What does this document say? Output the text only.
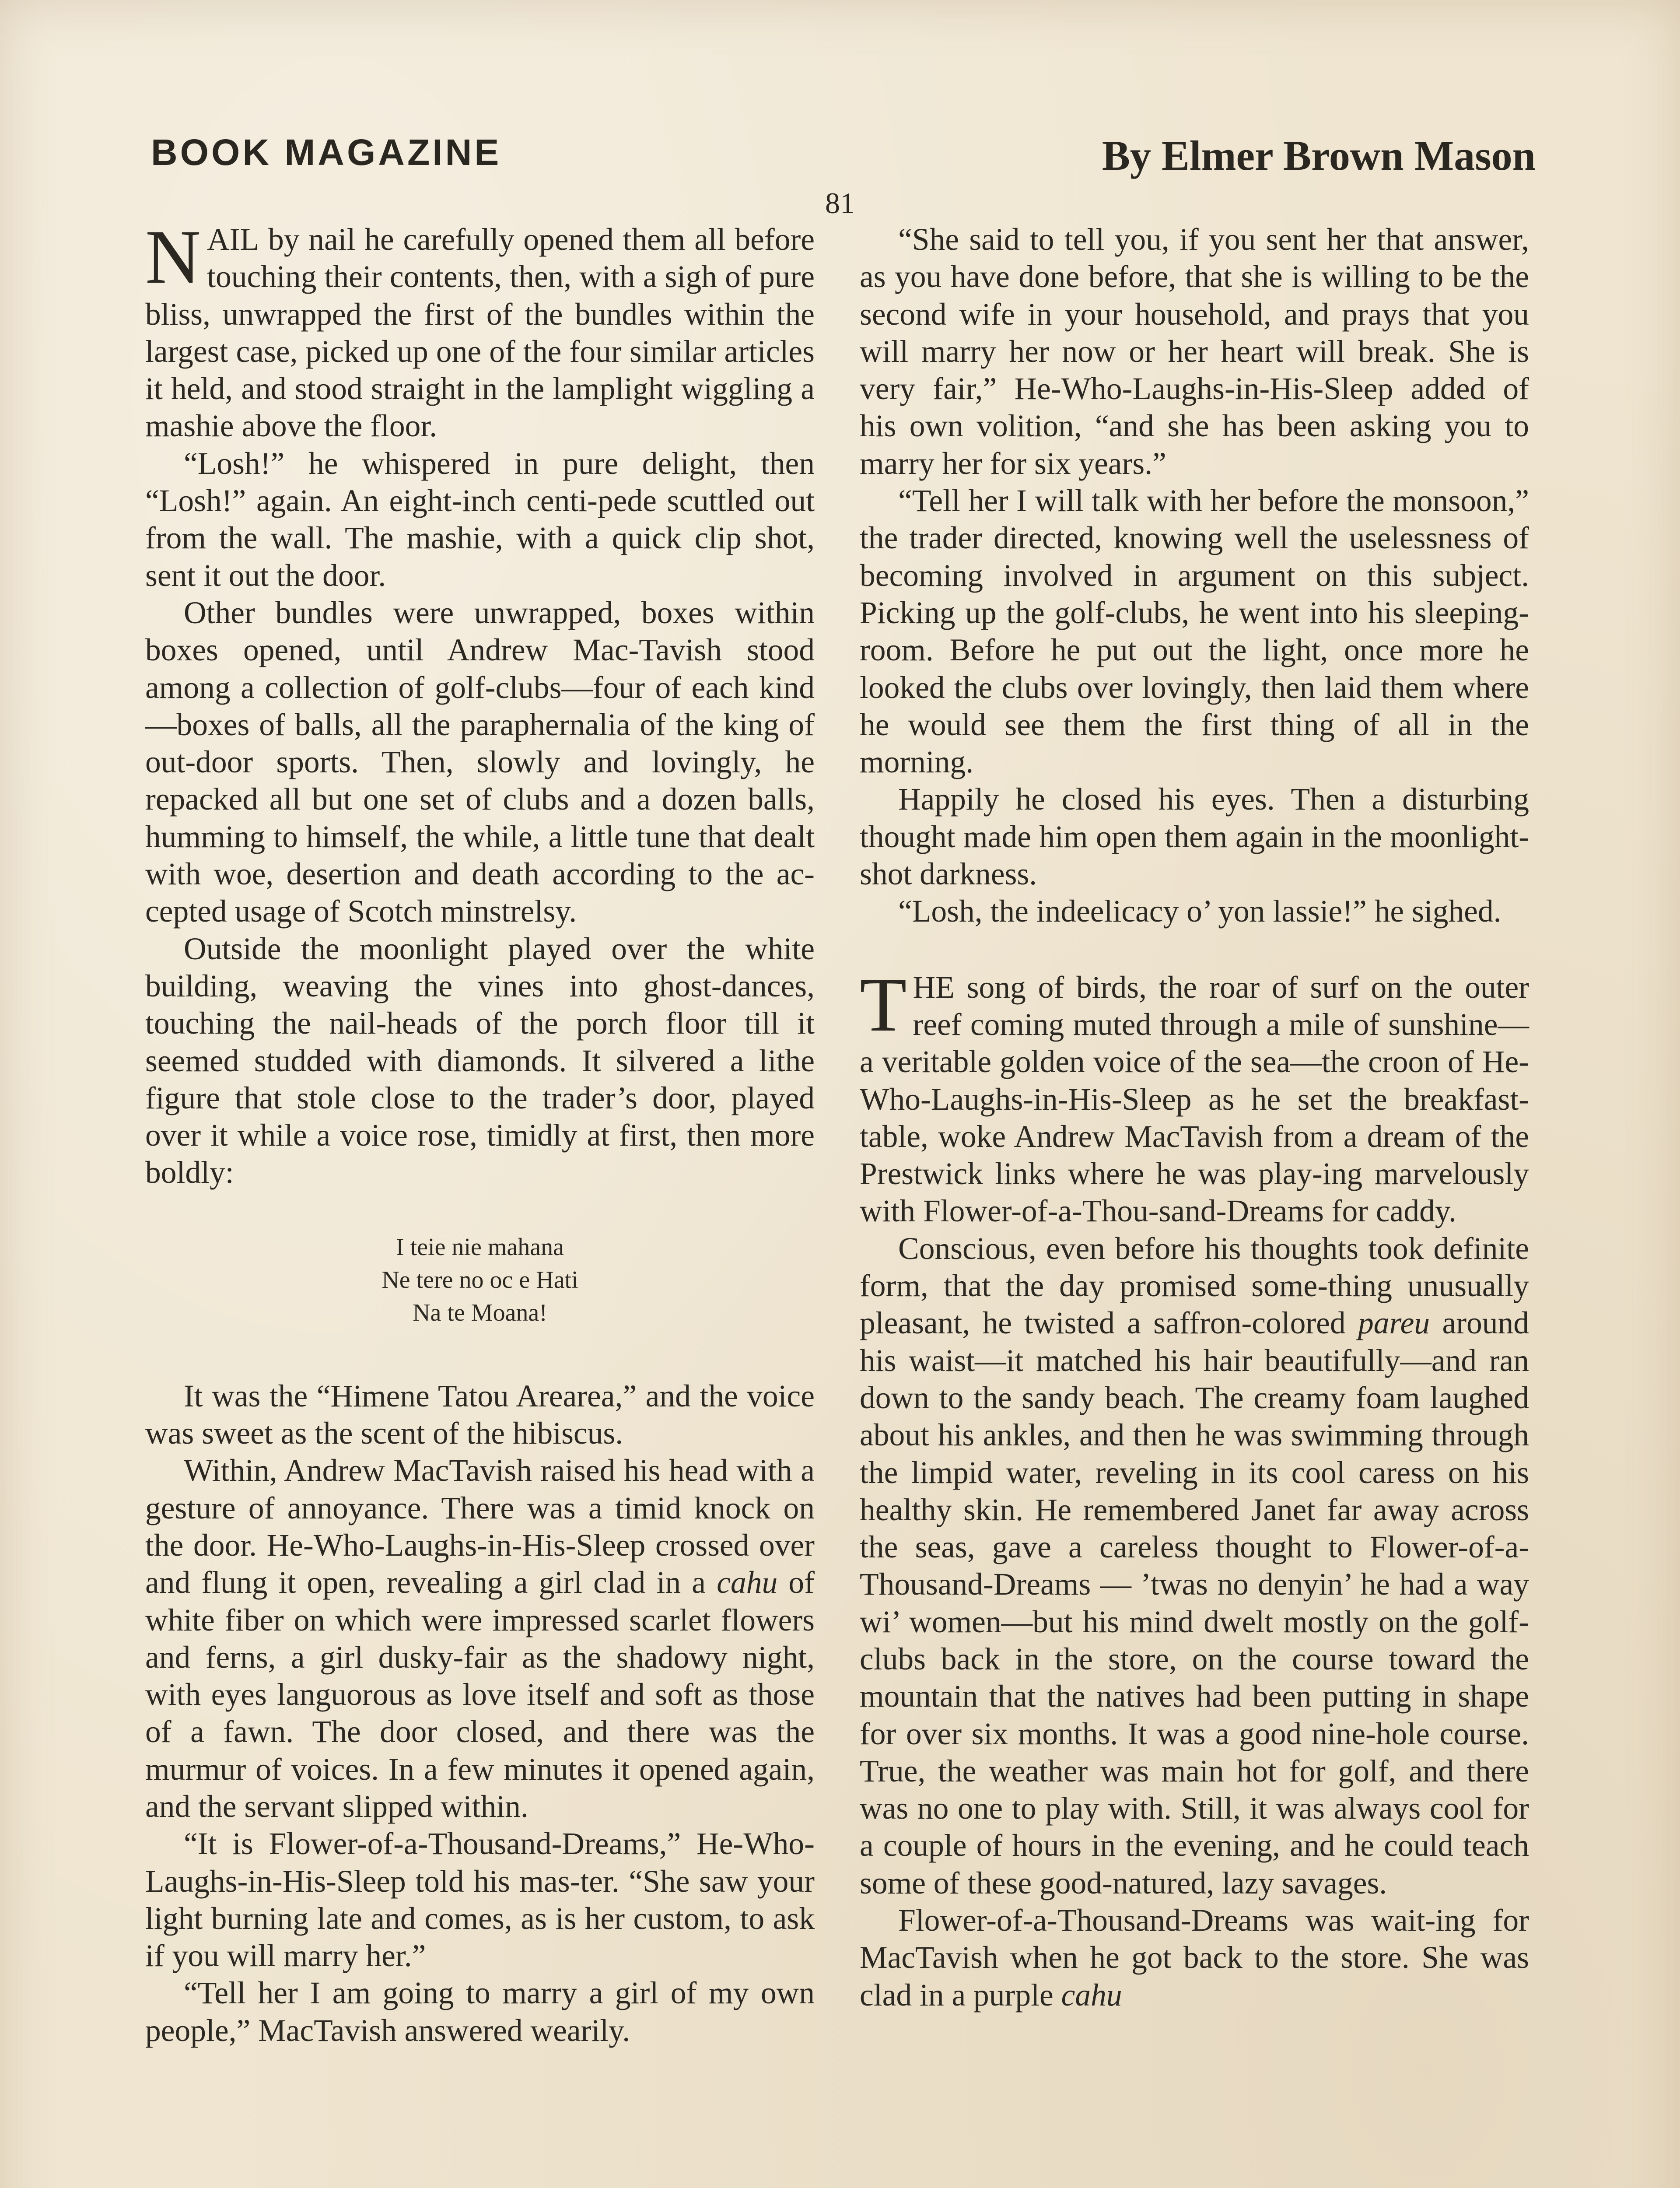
BOOK MAGAZINE	By Elmer Brown Mason
81

NAIL by nail he carefully opened them all before touching their contents, then, with a sigh of pure bliss, unwrapped the first of the bundles within the largest case, picked up one of the four similar articles it held, and stood straight in the lamplight wiggling a mashie above the floor.

“Losh!” he whispered in pure delight, then “Losh!” again. An eight-inch centi-pede scuttled out from the wall. The mashie, with a quick clip shot, sent it out the door.

Other bundles were unwrapped, boxes within boxes opened, until Andrew Mac-Tavish stood among a collection of golf-clubs—four of each kind—boxes of balls, all the paraphernalia of the king of out-door sports. Then, slowly and lovingly, he repacked all but one set of clubs and a dozen balls, humming to himself, the while, a little tune that dealt with woe, desertion and death according to the ac-cepted usage of Scotch minstrelsy.

Outside the moonlight played over the white building, weaving the vines into ghost-dances, touching the nail-heads of the porch floor till it seemed studded with diamonds. It silvered a lithe figure that stole close to the trader’s door, played over it while a voice rose, timidly at first, then more boldly:

I teie nie mahana
Ne tere no oc e Hati
Na te Moana!

It was the “Himene Tatou Arearea,” and the voice was sweet as the scent of the hibiscus.

Within, Andrew MacTavish raised his head with a gesture of annoyance. There was a timid knock on the door. He-Who-Laughs-in-His-Sleep crossed over and flung it open, revealing a girl clad in a cahu of white fiber on which were impressed scarlet flowers and ferns, a girl dusky-fair as the shadowy night, with eyes languorous as love itself and soft as those of a fawn. The door closed, and there was the murmur of voices. In a few minutes it opened again, and the servant slipped within.

“It is Flower-of-a-Thousand-Dreams,” He-Who-Laughs-in-His-Sleep told his mas-ter. “She saw your light burning late and comes, as is her custom, to ask if you will marry her.”

“Tell her I am going to marry a girl of my own people,” MacTavish answered wearily.

“She said to tell you, if you sent her that answer, as you have done before, that she is willing to be the second wife in your household, and prays that you will marry her now or her heart will break. She is very fair,” He-Who-Laughs-in-His-Sleep added of his own volition, “and she has been asking you to marry her for six years.”

“Tell her I will talk with her before the monsoon,” the trader directed, knowing well the uselessness of becoming involved in argument on this subject. Picking up the golf-clubs, he went into his sleeping-room. Before he put out the light, once more he looked the clubs over lovingly, then laid them where he would see them the first thing of all in the morning.

Happily he closed his eyes. Then a disturbing thought made him open them again in the moonlight-shot darkness.

“Losh, the indeelicacy o’ yon lassie!” he sighed.

THE song of birds, the roar of surf on the outer reef coming muted through a mile of sunshine—a veritable golden voice of the sea—the croon of He-Who-Laughs-in-His-Sleep as he set the breakfast-table, woke Andrew MacTavish from a dream of the Prestwick links where he was play-ing marvelously with Flower-of-a-Thou-sand-Dreams for caddy.

Conscious, even before his thoughts took definite form, that the day promised some-thing unusually pleasant, he twisted a saffron-colored pareu around his waist—it matched his hair beautifully—and ran down to the sandy beach. The creamy foam laughed about his ankles, and then he was swimming through the limpid water, reveling in its cool caress on his healthy skin. He remembered Janet far away across the seas, gave a careless thought to Flower-of-a-Thousand-Dreams — ’twas no denyin’ he had a way wi’ women—but his mind dwelt mostly on the golf-clubs back in the store, on the course toward the mountain that the natives had been putting in shape for over six months. It was a good nine-hole course. True, the weather was main hot for golf, and there was no one to play with. Still, it was always cool for a couple of hours in the evening, and he could teach some of these good-natured, lazy savages.

Flower-of-a-Thousand-Dreams was wait-ing for MacTavish when he got back to the store. She was clad in a purple cahu
